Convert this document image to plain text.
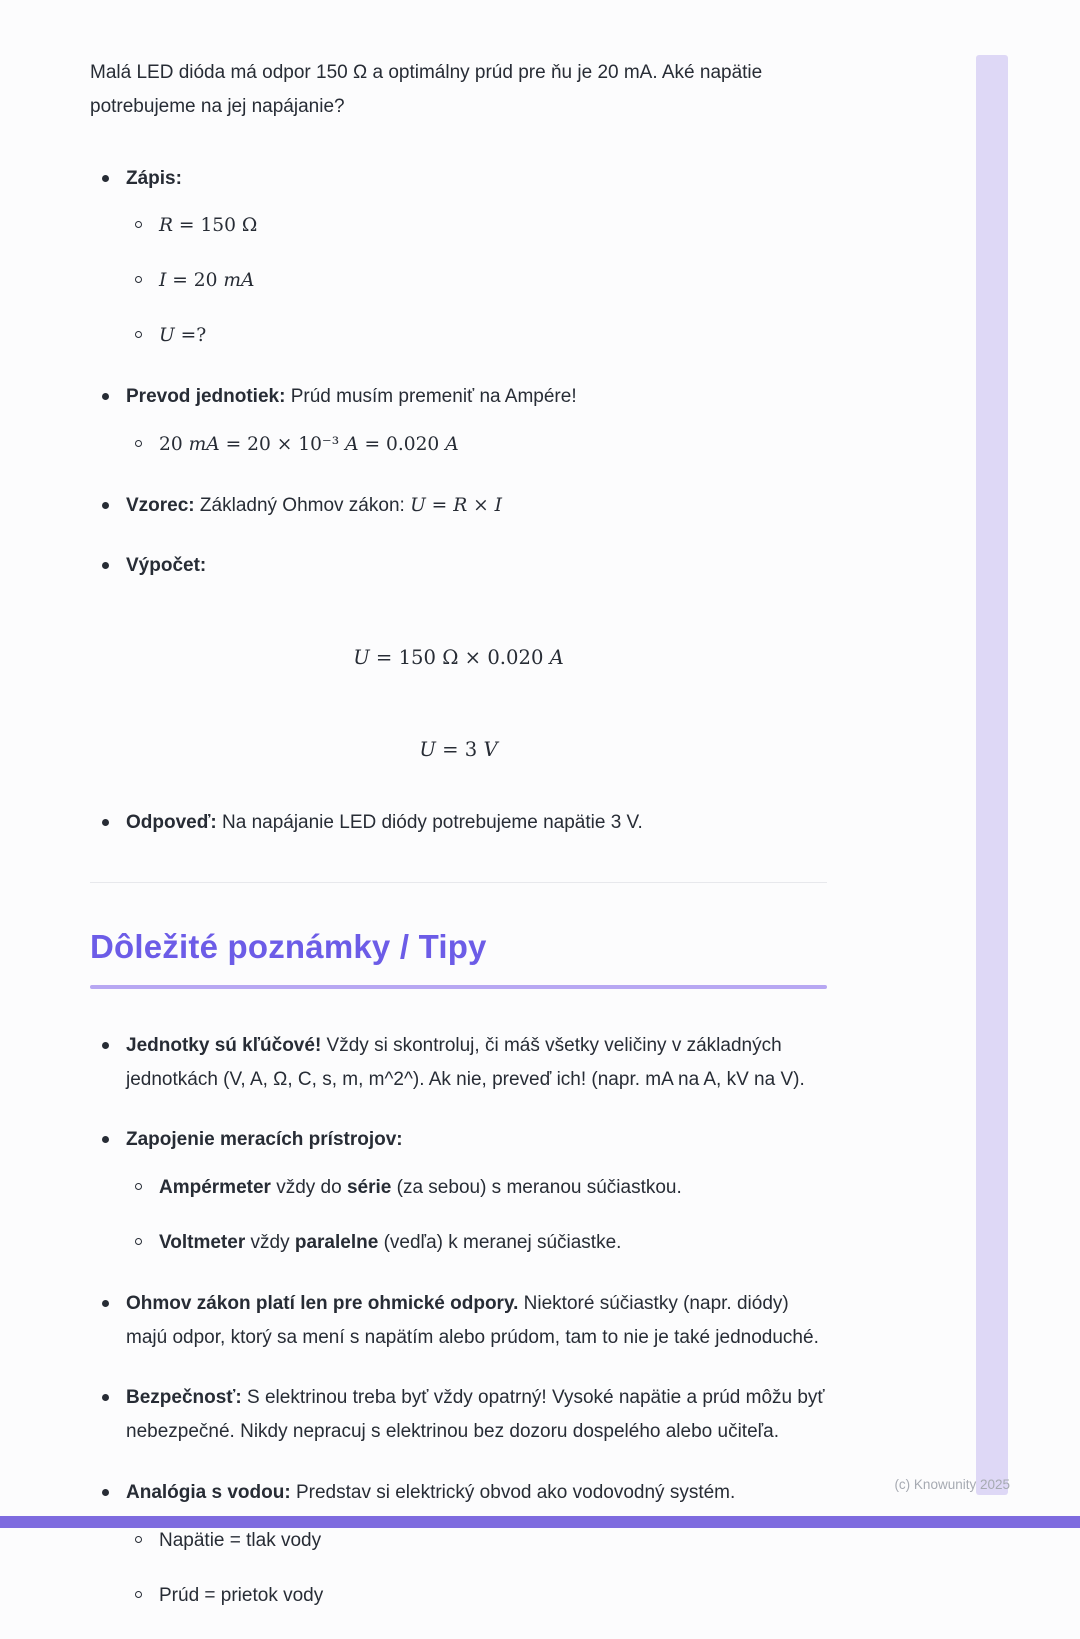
Malá LED dióda má odpor 150 Ω a optimálny prúd pre ňu je 20 mA. Aké napätie potrebujeme na jej napájanie?

Zápis:
R = 150 Ω
I = 20 mA
U =?
Prevod jednotiek: Prúd musím premeniť na Ampére!
20 mA = 20 × 10⁻³ A = 0.020 A
Vzorec: Základný Ohmov zákon: U = R × I
Výpočet:
U = 150 Ω × 0.020 A
U = 3 V
Odpoveď: Na napájanie LED diódy potrebujeme napätie 3 V.
Dôležité poznámky / Tipy
Jednotky sú kľúčové! Vždy si skontroluj, či máš všetky veličiny v základných jednotkách (V, A, Ω, C, s, m, m^2^). Ak nie, preveď ich! (napr. mA na A, kV na V).
Zapojenie meracích prístrojov:
Ampérmeter vždy do série (za sebou) s meranou súčiastkou.
Voltmeter vždy paralelne (vedľa) k meranej súčiastke.
Ohmov zákon platí len pre ohmické odpory. Niektoré súčiastky (napr. diódy) majú odpor, ktorý sa mení s napätím alebo prúdom, tam to nie je také jednoduché.
Bezpečnosť: S elektrinou treba byť vždy opatrný! Vysoké napätie a prúd môžu byť nebezpečné. Nikdy nepracuj s elektrinou bez dozoru dospelého alebo učiteľa.
Analógia s vodou: Predstav si elektrický obvod ako vodovodný systém.
Napätie = tlak vody
Prúd = prietok vody
(c) Knowunity 2025
